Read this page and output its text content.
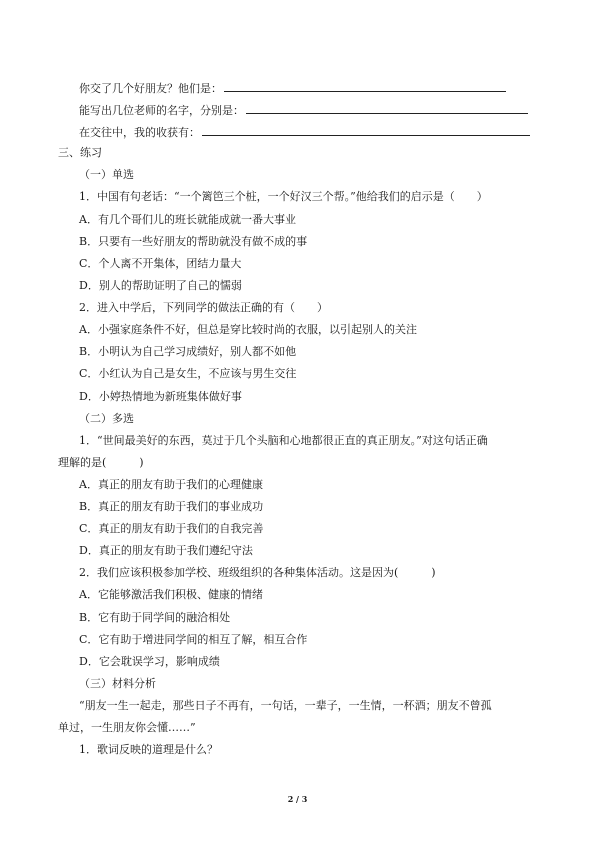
你交了几个好朋友？他们是：
能写出几位老师的名字，分别是：
在交往中，我的收获有：
三、练习
（一）单选
1．中国有句老话：“一个篱笆三个桩，一个好汉三个帮。”他给我们的启示是（　　）
A．有几个哥们儿的班长就能成就一番大事业
B．只要有一些好朋友的帮助就没有做不成的事
C．个人离不开集体，团结力量大
D．别人的帮助证明了自己的懦弱
2．进入中学后，下列同学的做法正确的有（　　）
A．小强家庭条件不好，但总是穿比较时尚的衣服，以引起别人的关注
B．小明认为自己学习成绩好，别人都不如他
C．小红认为自己是女生，不应该与男生交往
D．小婷热情地为新班集体做好事
（二）多选
1．“世间最美好的东西，莫过于几个头脑和心地都很正直的真正朋友。”对这句话正确
理解的是(　　　)
A．真正的朋友有助于我们的心理健康
B．真正的朋友有助于我们的事业成功
C．真正的朋友有助于我们的自我完善
D．真正的朋友有助于我们遵纪守法
2．我们应该积极参加学校、班级组织的各种集体活动。这是因为(　　　)
A．它能够激活我们积极、健康的情绪
B．它有助于同学间的融洽相处
C．它有助于增进同学间的相互了解，相互合作
D．它会耽误学习，影响成绩
（三）材料分析
“朋友一生一起走，那些日子不再有，一句话，一辈子，一生情，一杯酒；朋友不曾孤
单过，一生朋友你会懂……”
1．歌词反映的道理是什么？
2 / 3
